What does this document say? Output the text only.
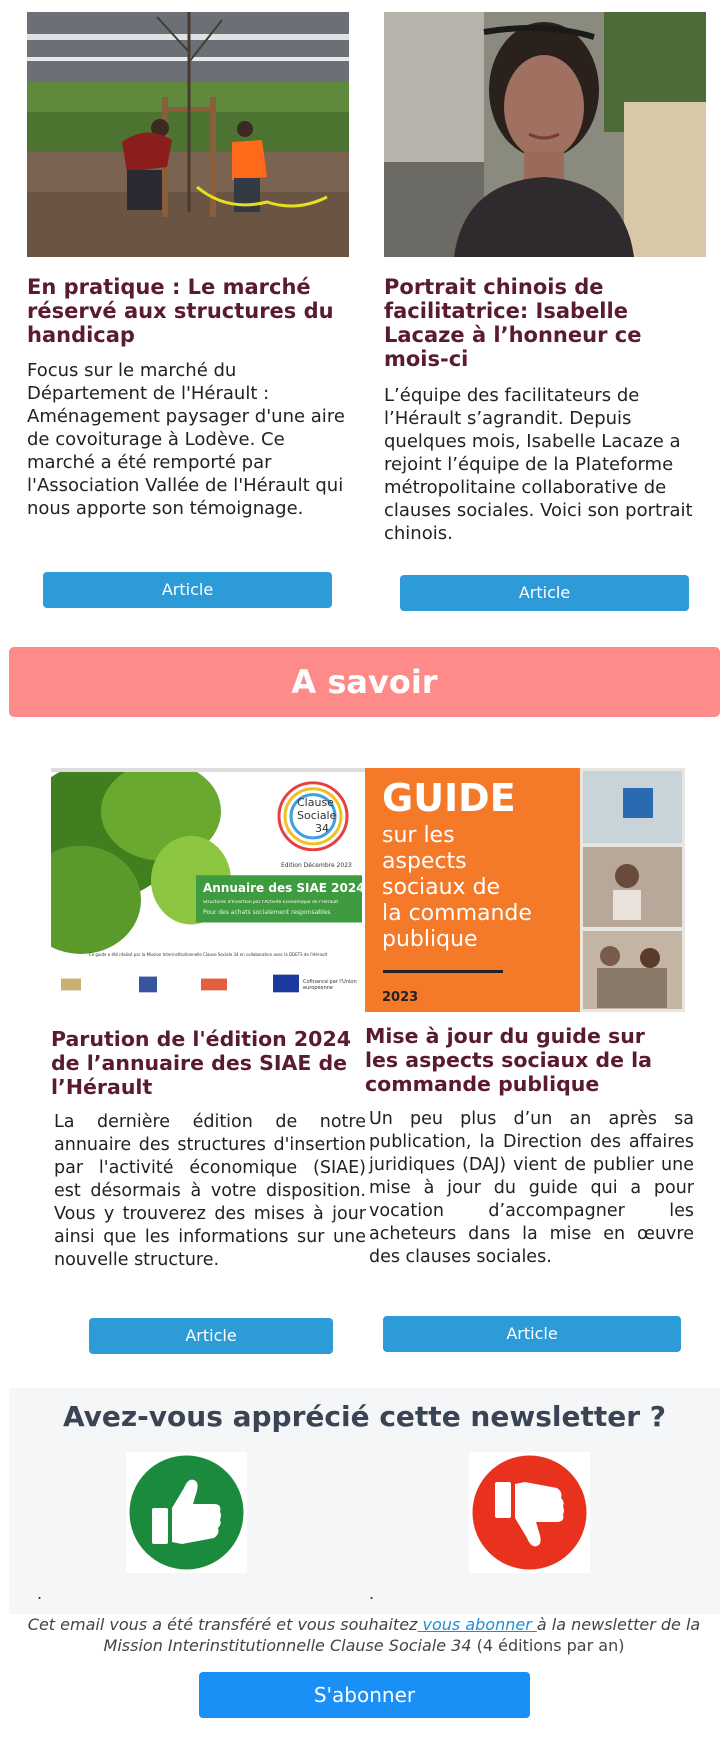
En pratique : Le marché réservé aux structures du handicap
Focus sur le marché du Département de l'Hérault : Aménagement paysager d'une aire de covoiturage à Lodève. Ce marché a été remporté par l'Association Vallée de l'Hérault qui nous apporte son témoignage.
Article
Portrait chinois de facilitatrice: Isabelle Lacaze à l’honneur ce mois-ci
L’équipe des facilitateurs de l’Hérault s’agrandit. Depuis quelques mois, Isabelle Lacaze a rejoint l’équipe de la Plateforme métropolitaine collaborative de clauses sociales. Voici son portrait chinois.
Article
A savoir
Clause
Sociale
34
Edition Décembre 2023
Annuaire des SIAE 2024
Structures d'Insertion par l'Activité Economique de l'Hérault
Pour des achats socialement responsables
Ce guide a été réalisé par la Mission Interinstitutionnelle Clause Sociale 34 en collaboration avec la DDETS de l'Hérault
Cofinancé par l'Union européenne
Parution de l'édition 2024 de l’annuaire des SIAE de l’Hérault
La dernière édition de notre annuaire des structures d'insertion par l'activité économique (SIAE) est désormais à votre disposition. Vous y trouverez des mises à jour ainsi que les informations sur une nouvelle structure.
Article
GUIDE
sur les
aspects
sociaux de
la commande
publique
2023
Mise à jour du guide sur les aspects sociaux de la commande publique
Un peu plus d’un an après sa publication, la Direction des affaires juridiques (DAJ) vient de publier une mise à jour du guide qui a pour vocation d’accompagner les acheteurs dans la mise en œuvre des clauses sociales.
Article
Avez-vous apprécié cette newsletter ?
.	.
Cet email vous a été transféré et vous souhaitez vous abonner à la newsletter de la Mission Interinstitutionnelle Clause Sociale 34 (4 éditions par an)
S'abonner
